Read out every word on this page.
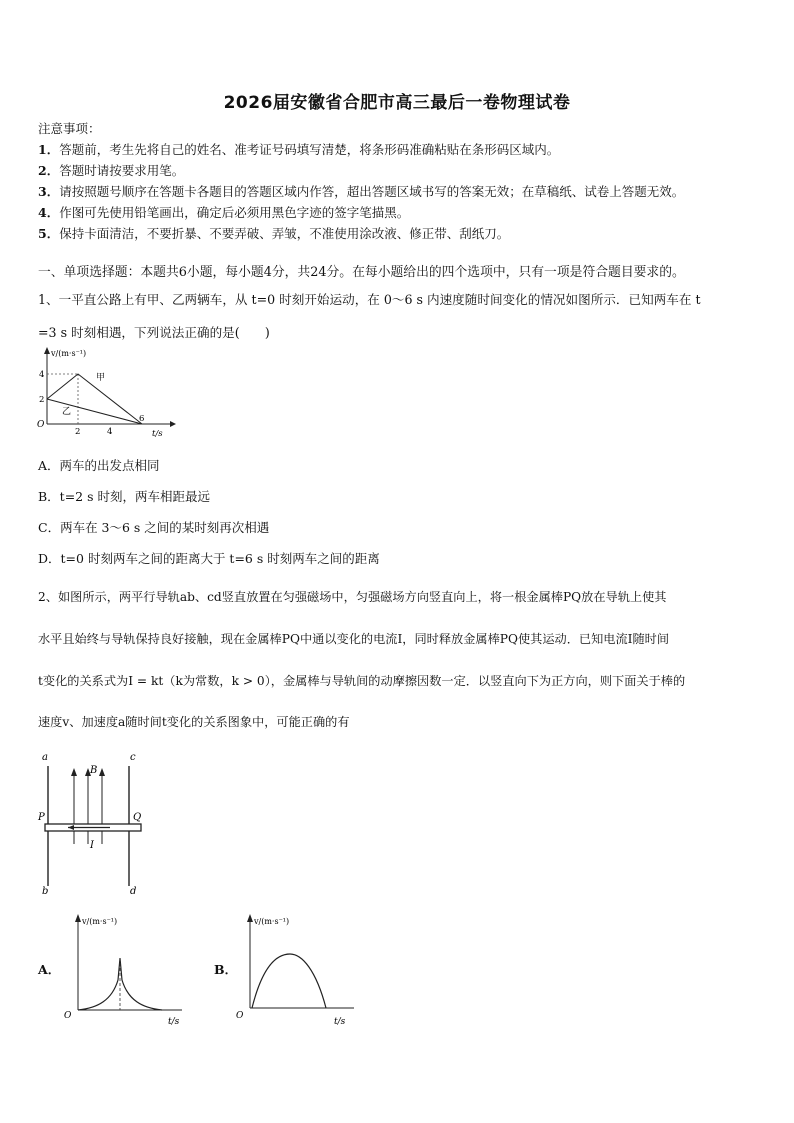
2026届安徽省合肥市高三最后一卷物理试卷
注意事项：
1．答题前，考生先将自己的姓名、准考证号码填写清楚，将条形码准确粘贴在条形码区域内。
2．答题时请按要求用笔。
3．请按照题号顺序在答题卡各题目的答题区域内作答，超出答题区域书写的答案无效；在草稿纸、试卷上答题无效。
4．作图可先使用铅笔画出，确定后必须用黑色字迹的签字笔描黑。
5．保持卡面清洁，不要折暴、不要弄破、弄皱，不准使用涂改液、修正带、刮纸刀。
一、单项选择题：本题共6小题，每小题4分，共24分。在每小题给出的四个选项中，只有一项是符合题目要求的。
1、一平直公路上有甲、乙两辆车，从 t=0 时刻开始运动，在 0～6 s 内速度随时间变化的情况如图所示．已知两车在 t
=3 s 时刻相遇，下列说法正确的是(　　)
v/(m·s⁻¹)
t/s
O
4
2
2	4
6
甲
乙
A．两车的出发点相同
B．t=2 s 时刻，两车相距最远
C．两车在 3～6 s 之间的某时刻再次相遇
D．t=0 时刻两车之间的距离大于 t=6 s 时刻两车之间的距离
2、如图所示，两平行导轨ab、cd竖直放置在匀强磁场中，匀强磁场方向竖直向上，将一根金属棒PQ放在导轨上使其
水平且始终与导轨保持良好接触，现在金属棒PQ中通以变化的电流I，同时释放金属棒PQ使其运动．已知电流I随时间
t变化的关系式为I = kt（k为常数，k > 0），金属棒与导轨间的动摩擦因数一定．以竖直向下为正方向，则下面关于棒的
速度v、加速度a随时间t变化的关系图象中，可能正确的有
a	c
b	d
B
P	Q
I
A．
v/(m·s⁻¹)
t/s
O
B．
v/(m·s⁻¹)
t/s
O
